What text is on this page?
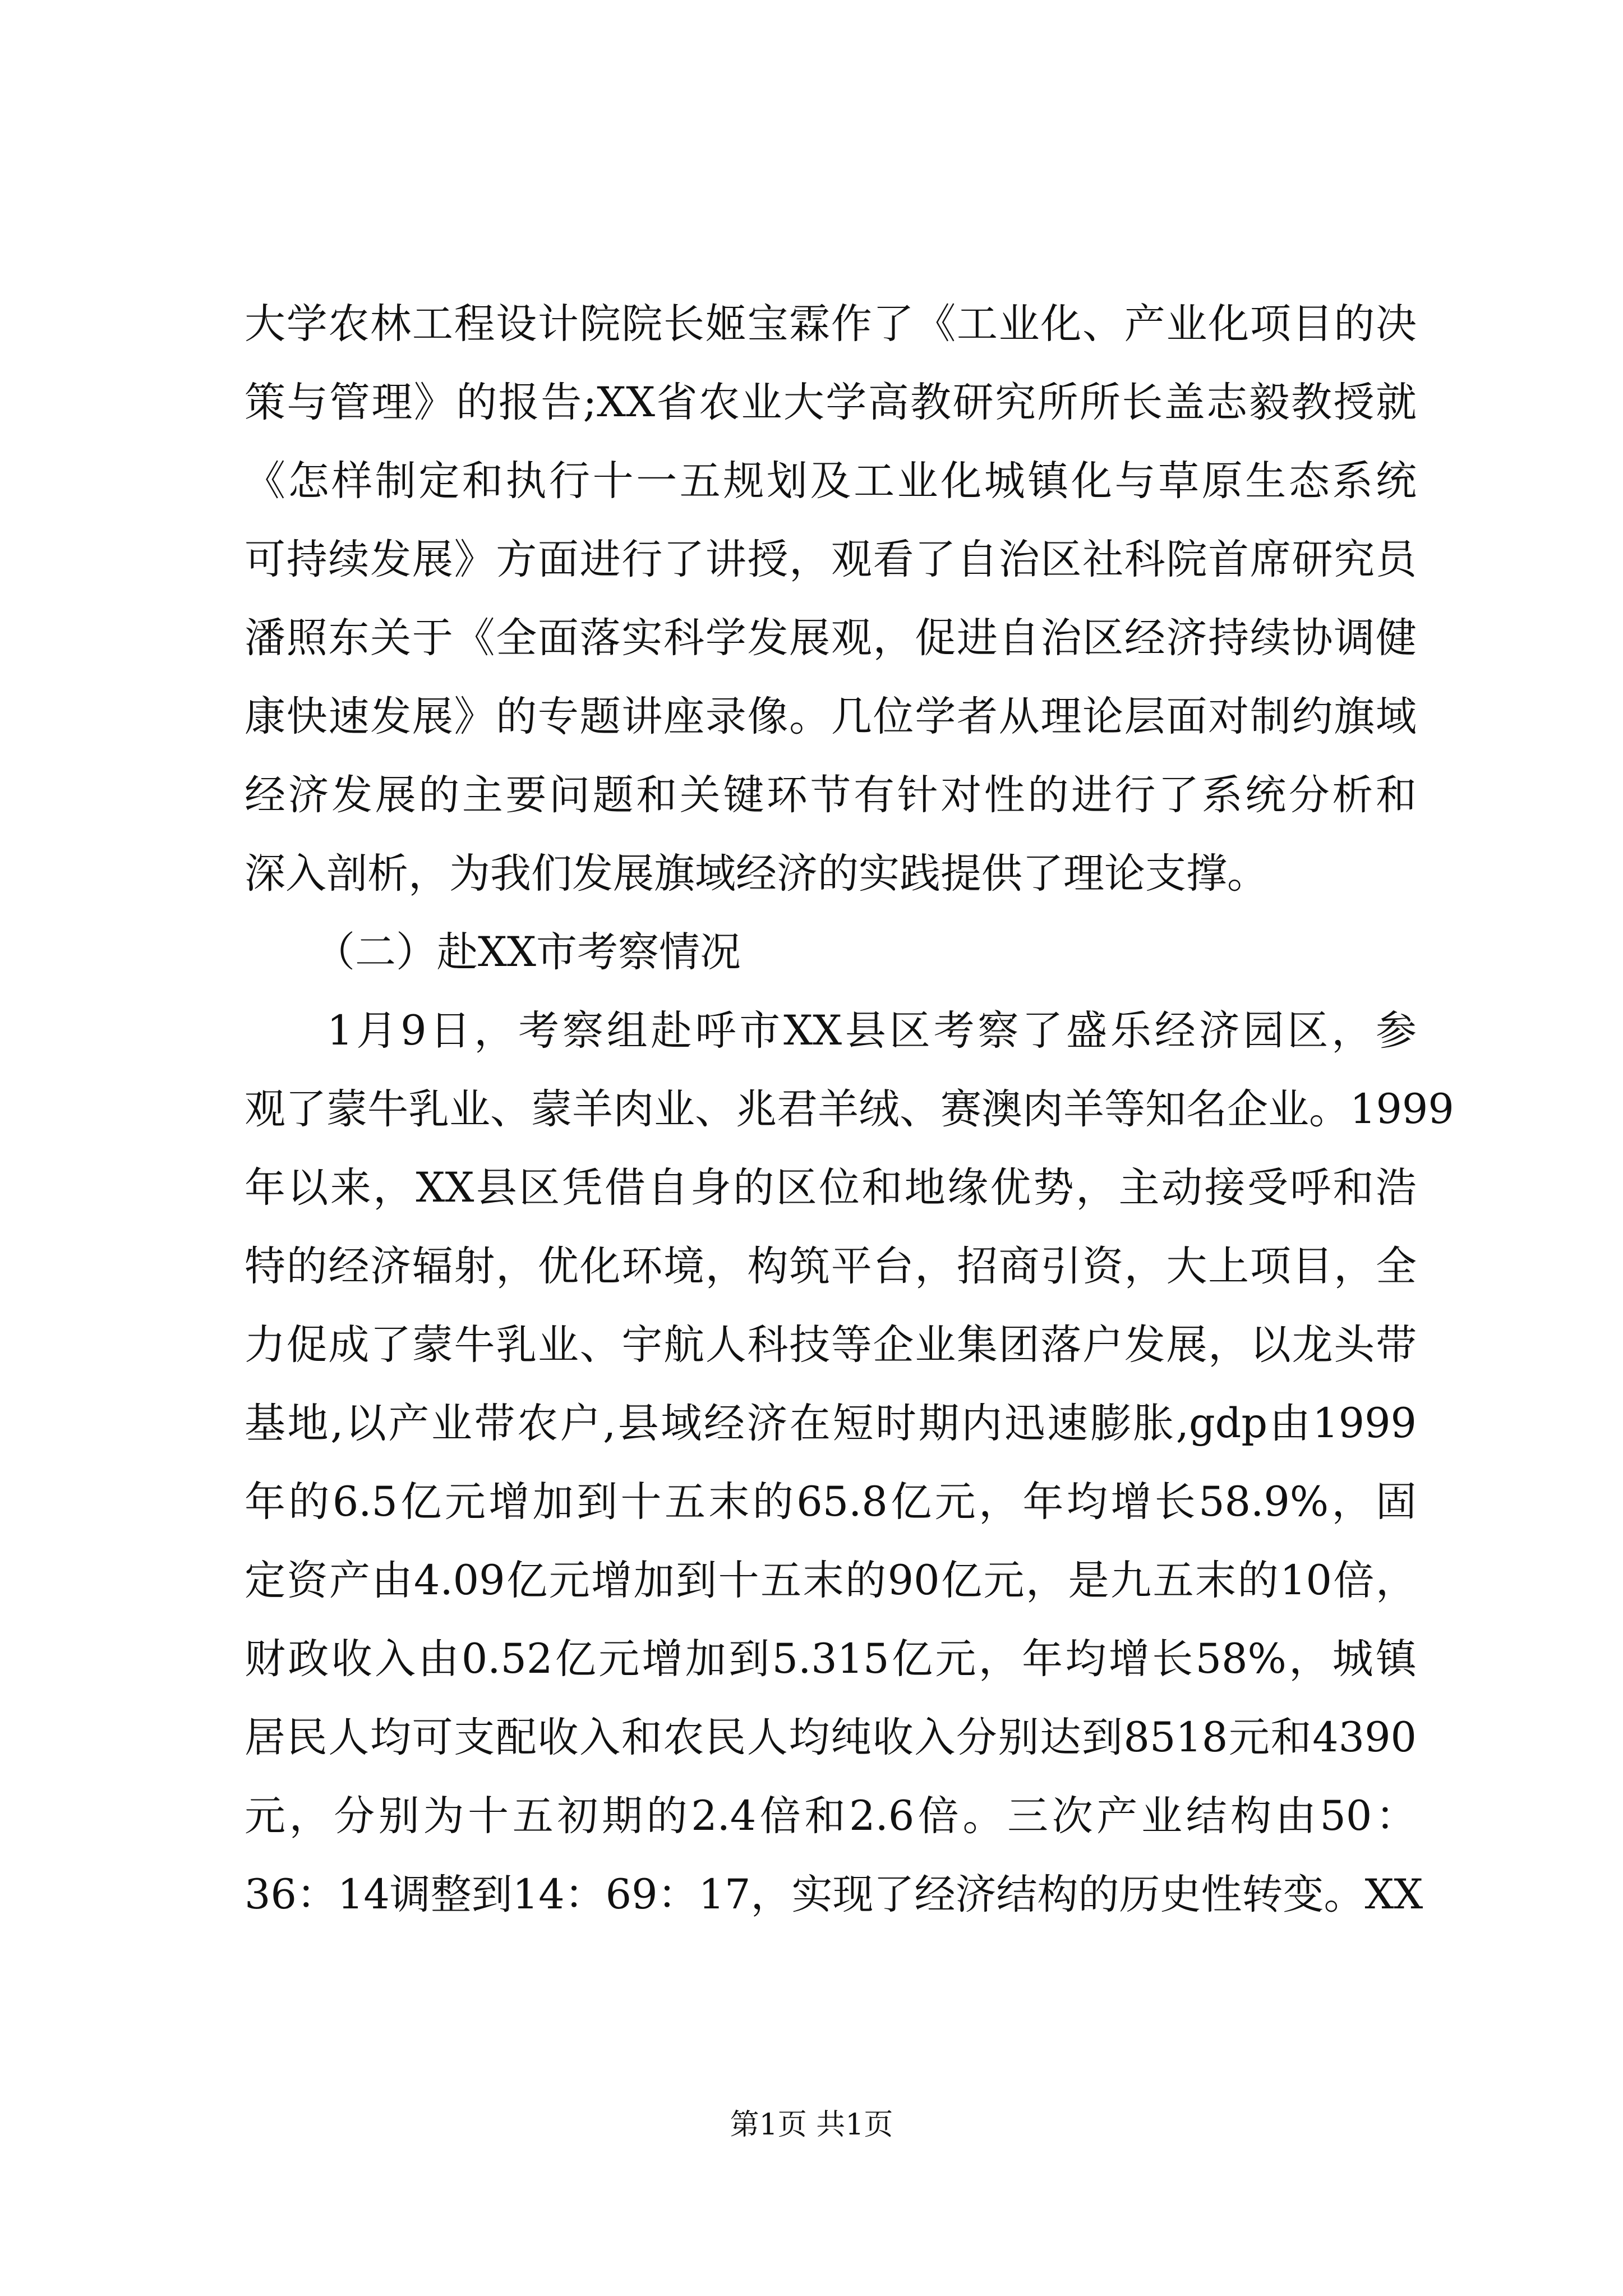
大学农林工程设计院院长姬宝霖作了《工业化、产业化项目的决
策与管理》的报告;XX省农业大学高教研究所所长盖志毅教授就
《怎样制定和执行十一五规划及工业化城镇化与草原生态系统
可持续发展》方面进行了讲授，观看了自治区社科院首席研究员
潘照东关于《全面落实科学发展观，促进自治区经济持续协调健
康快速发展》的专题讲座录像。几位学者从理论层面对制约旗域
经济发展的主要问题和关键环节有针对性的进行了系统分析和
深入剖析，为我们发展旗域经济的实践提供了理论支撑。
（二）赴XX市考察情况
1月9日，考察组赴呼市XX县区考察了盛乐经济园区，参
观了蒙牛乳业、蒙羊肉业、兆君羊绒、赛澳肉羊等知名企业。1999
年以来，XX县区凭借自身的区位和地缘优势，主动接受呼和浩
特的经济辐射，优化环境，构筑平台，招商引资，大上项目，全
力促成了蒙牛乳业、宇航人科技等企业集团落户发展，以龙头带
基地,以产业带农户,县域经济在短时期内迅速膨胀,gdp由1999
年的6.5亿元增加到十五末的65.8亿元，年均增长58.9%，固
定资产由4.09亿元增加到十五末的90亿元，是九五末的10倍，
财政收入由0.52亿元增加到5.315亿元，年均增长58%，城镇
居民人均可支配收入和农民人均纯收入分别达到8518元和4390
元，分别为十五初期的2.4倍和2.6倍。三次产业结构由50：
36：14调整到14：69：17，实现了经济结构的历史性转变。XX
第1页 共1页
